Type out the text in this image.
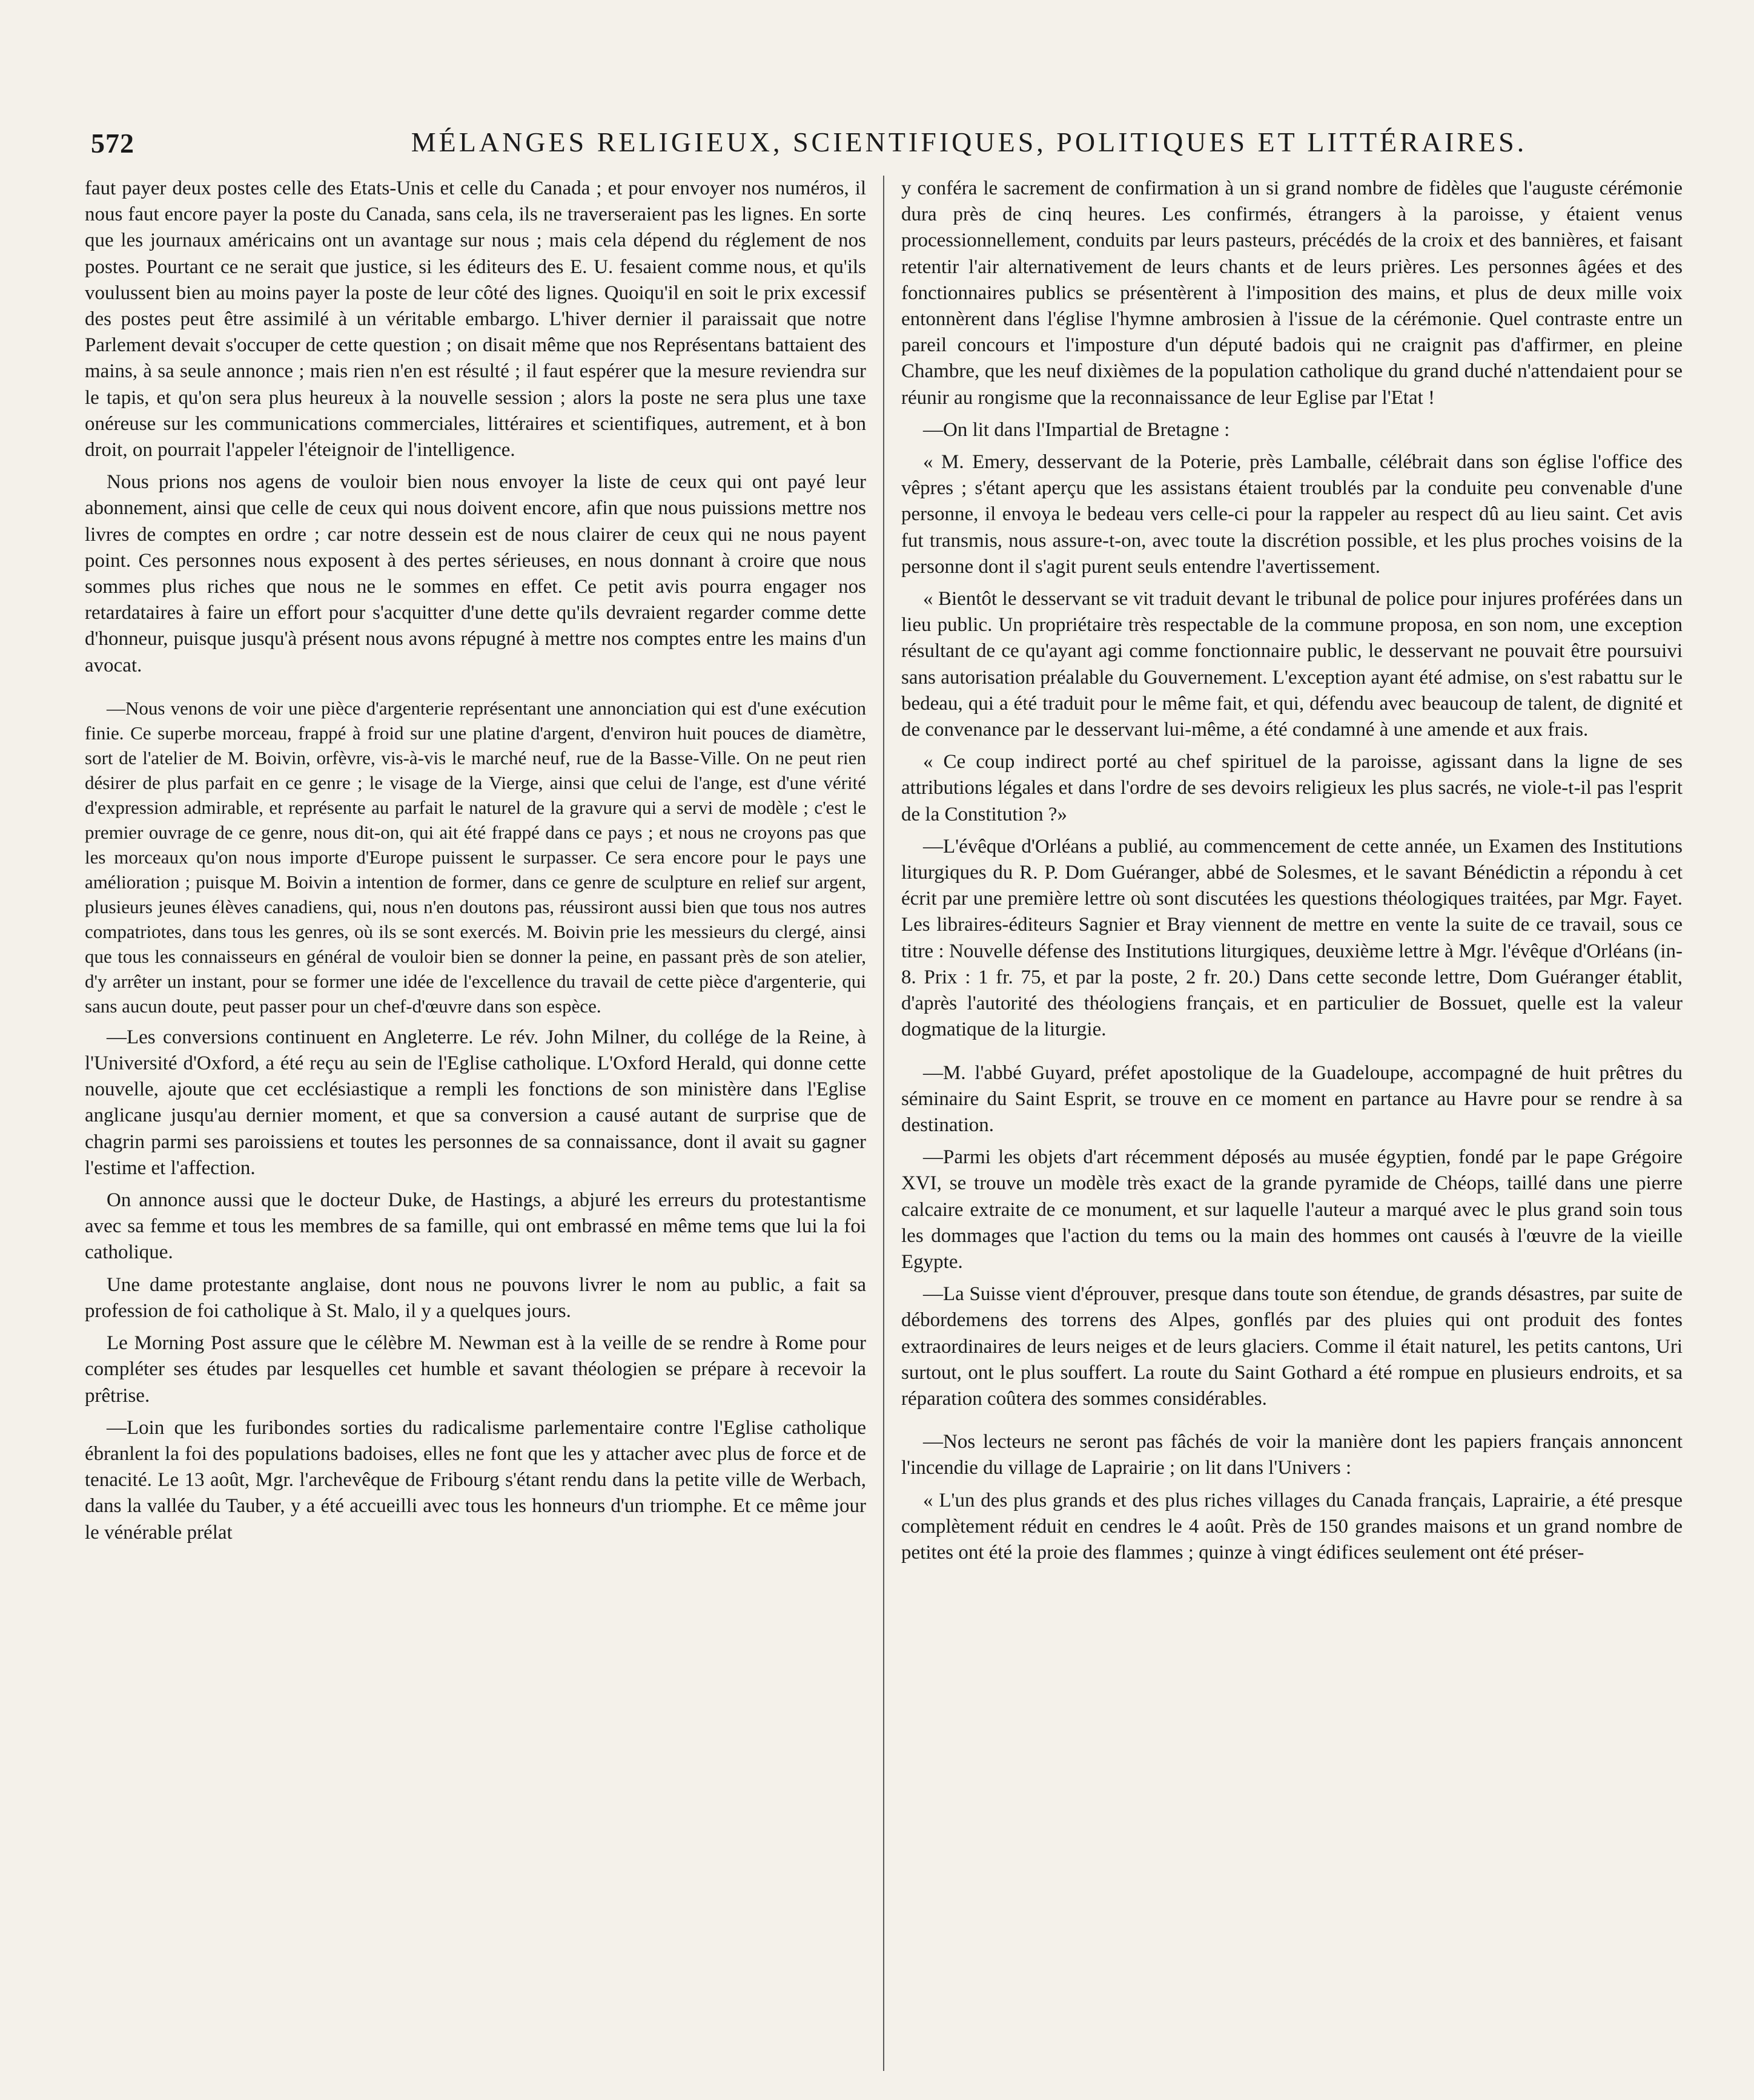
572	MÉLANGES RELIGIEUX, SCIENTIFIQUES, POLITIQUES ET LITTÉRAIRES.

faut payer deux postes celle des Etats-Unis et celle du Canada ; et pour envoyer nos numéros, il nous faut encore payer la poste du Canada, sans cela, ils ne traverseraient pas les lignes. En sorte que les journaux américains ont un avantage sur nous ; mais cela dépend du réglement de nos postes. Pourtant ce ne serait que justice, si les éditeurs des E. U. fesaient comme nous, et qu'ils voulussent bien au moins payer la poste de leur côté des lignes. Quoiqu'il en soit le prix excessif des postes peut être assimilé à un véritable embargo. L'hiver dernier il paraissait que notre Parlement devait s'occuper de cette question ; on disait même que nos Représentans battaient des mains, à sa seule annonce ; mais rien n'en est résulté ; il faut espérer que la mesure reviendra sur le tapis, et qu'on sera plus heureux à la nouvelle session ; alors la poste ne sera plus une taxe onéreuse sur les communications commerciales, littéraires et scientifiques, autrement, et à bon droit, on pourrait l'appeler l'éteignoir de l'intelligence.

Nous prions nos agens de vouloir bien nous envoyer la liste de ceux qui ont payé leur abonnement, ainsi que celle de ceux qui nous doivent encore, afin que nous puissions mettre nos livres de comptes en ordre ; car notre dessein est de nous clairer de ceux qui ne nous payent point. Ces personnes nous exposent à des pertes sérieuses, en nous donnant à croire que nous sommes plus riches que nous ne le sommes en effet. Ce petit avis pourra engager nos retardataires à faire un effort pour s'acquitter d'une dette qu'ils devraient regarder comme dette d'honneur, puisque jusqu'à présent nous avons répugné à mettre nos comptes entre les mains d'un avocat.

—Nous venons de voir une pièce d'argenterie représentant une annonciation qui est d'une exécution finie. Ce superbe morceau, frappé à froid sur une platine d'argent, d'environ huit pouces de diamètre, sort de l'atelier de M. Boivin, orfèvre, vis-à-vis le marché neuf, rue de la Basse-Ville. On ne peut rien désirer de plus parfait en ce genre ; le visage de la Vierge, ainsi que celui de l'ange, est d'une vérité d'expression admirable, et représente au parfait le naturel de la gravure qui a servi de modèle ; c'est le premier ouvrage de ce genre, nous dit-on, qui ait été frappé dans ce pays ; et nous ne croyons pas que les morceaux qu'on nous importe d'Europe puissent le surpasser. Ce sera encore pour le pays une amélioration ; puisque M. Boivin a intention de former, dans ce genre de sculpture en relief sur argent, plusieurs jeunes élèves canadiens, qui, nous n'en doutons pas, réussiront aussi bien que tous nos autres compatriotes, dans tous les genres, où ils se sont exercés. M. Boivin prie les messieurs du clergé, ainsi que tous les connaisseurs en général de vouloir bien se donner la peine, en passant près de son atelier, d'y arrêter un instant, pour se former une idée de l'excellence du travail de cette pièce d'argenterie, qui sans aucun doute, peut passer pour un chef-d'œuvre dans son espèce.

—Les conversions continuent en Angleterre. Le rév. John Milner, du collége de la Reine, à l'Université d'Oxford, a été reçu au sein de l'Eglise catholique. L'Oxford Herald, qui donne cette nouvelle, ajoute que cet ecclésiastique a rempli les fonctions de son ministère dans l'Eglise anglicane jusqu'au dernier moment, et que sa conversion a causé autant de surprise que de chagrin parmi ses paroissiens et toutes les personnes de sa connaissance, dont il avait su gagner l'estime et l'affection.

On annonce aussi que le docteur Duke, de Hastings, a abjuré les erreurs du protestantisme avec sa femme et tous les membres de sa famille, qui ont embrassé en même tems que lui la foi catholique.

Une dame protestante anglaise, dont nous ne pouvons livrer le nom au public, a fait sa profession de foi catholique à St. Malo, il y a quelques jours.

Le Morning Post assure que le célèbre M. Newman est à la veille de se rendre à Rome pour compléter ses études par lesquelles cet humble et savant théologien se prépare à recevoir la prêtrise.

—Loin que les furibondes sorties du radicalisme parlementaire contre l'Eglise catholique ébranlent la foi des populations badoises, elles ne font que les y attacher avec plus de force et de tenacité. Le 13 août, Mgr. l'archevêque de Fribourg s'étant rendu dans la petite ville de Werbach, dans la vallée du Tauber, y a été accueilli avec tous les honneurs d'un triomphe. Et ce même jour le vénérable prélat

y conféra le sacrement de confirmation à un si grand nombre de fidèles que l'auguste cérémonie dura près de cinq heures. Les confirmés, étrangers à la paroisse, y étaient venus processionnellement, conduits par leurs pasteurs, précédés de la croix et des bannières, et faisant retentir l'air alternativement de leurs chants et de leurs prières. Les personnes âgées et des fonctionnaires publics se présentèrent à l'imposition des mains, et plus de deux mille voix entonnèrent dans l'église l'hymne ambrosien à l'issue de la cérémonie. Quel contraste entre un pareil concours et l'imposture d'un député badois qui ne craignit pas d'affirmer, en pleine Chambre, que les neuf dixièmes de la population catholique du grand duché n'attendaient pour se réunir au rongisme que la reconnaissance de leur Eglise par l'Etat !

—On lit dans l'Impartial de Bretagne :

« M. Emery, desservant de la Poterie, près Lamballe, célébrait dans son église l'office des vêpres ; s'étant aperçu que les assistans étaient troublés par la conduite peu convenable d'une personne, il envoya le bedeau vers celle-ci pour la rappeler au respect dû au lieu saint. Cet avis fut transmis, nous assure-t-on, avec toute la discrétion possible, et les plus proches voisins de la personne dont il s'agit purent seuls entendre l'avertissement.

« Bientôt le desservant se vit traduit devant le tribunal de police pour injures proférées dans un lieu public. Un propriétaire très respectable de la commune proposa, en son nom, une exception résultant de ce qu'ayant agi comme fonctionnaire public, le desservant ne pouvait être poursuivi sans autorisation préalable du Gouvernement. L'exception ayant été admise, on s'est rabattu sur le bedeau, qui a été traduit pour le même fait, et qui, défendu avec beaucoup de talent, de dignité et de convenance par le desservant lui-même, a été condamné à une amende et aux frais.

« Ce coup indirect porté au chef spirituel de la paroisse, agissant dans la ligne de ses attributions légales et dans l'ordre de ses devoirs religieux les plus sacrés, ne viole-t-il pas l'esprit de la Constitution ?»

—L'évêque d'Orléans a publié, au commencement de cette année, un Examen des Institutions liturgiques du R. P. Dom Guéranger, abbé de Solesmes, et le savant Bénédictin a répondu à cet écrit par une première lettre où sont discutées les questions théologiques traitées, par Mgr. Fayet. Les libraires-éditeurs Sagnier et Bray viennent de mettre en vente la suite de ce travail, sous ce titre : Nouvelle défense des Institutions liturgiques, deuxième lettre à Mgr. l'évêque d'Orléans (in-8. Prix : 1 fr. 75, et par la poste, 2 fr. 20.) Dans cette seconde lettre, Dom Guéranger établit, d'après l'autorité des théologiens français, et en particulier de Bossuet, quelle est la valeur dogmatique de la liturgie.

—M. l'abbé Guyard, préfet apostolique de la Guadeloupe, accompagné de huit prêtres du séminaire du Saint Esprit, se trouve en ce moment en partance au Havre pour se rendre à sa destination.

—Parmi les objets d'art récemment déposés au musée égyptien, fondé par le pape Grégoire XVI, se trouve un modèle très exact de la grande pyramide de Chéops, taillé dans une pierre calcaire extraite de ce monument, et sur laquelle l'auteur a marqué avec le plus grand soin tous les dommages que l'action du tems ou la main des hommes ont causés à l'œuvre de la vieille Egypte.

—La Suisse vient d'éprouver, presque dans toute son étendue, de grands désastres, par suite de débordemens des torrens des Alpes, gonflés par des pluies qui ont produit des fontes extraordinaires de leurs neiges et de leurs glaciers. Comme il était naturel, les petits cantons, Uri surtout, ont le plus souffert. La route du Saint Gothard a été rompue en plusieurs endroits, et sa réparation coûtera des sommes considérables.

—Nos lecteurs ne seront pas fâchés de voir la manière dont les papiers français annoncent l'incendie du village de Laprairie ; on lit dans l'Univers :

« L'un des plus grands et des plus riches villages du Canada français, Laprairie, a été presque complètement réduit en cendres le 4 août. Près de 150 grandes maisons et un grand nombre de petites ont été la proie des flammes ; quinze à vingt édifices seulement ont été préser-
